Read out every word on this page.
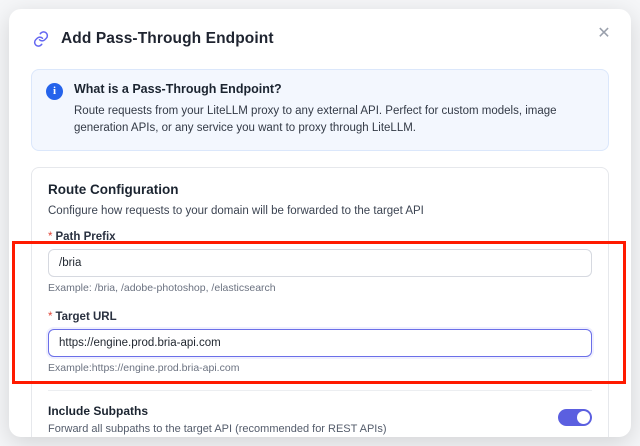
Add Pass-Through Endpoint	✕
i	What is a Pass-Through Endpoint?
Route requests from your LiteLLM proxy to any external API. Perfect for custom models, image generation APIs, or any service you want to proxy through LiteLLM.
Route Configuration
Configure how requests to your domain will be forwarded to the target API
* Path Prefix
/bria
Example: /bria, /adobe-photoshop, /elasticsearch
* Target URL
https://engine.prod.bria-api.com
Example:https://engine.prod.bria-api.com
Include Subpaths
Forward all subpaths to the target API (recommended for REST APIs)
